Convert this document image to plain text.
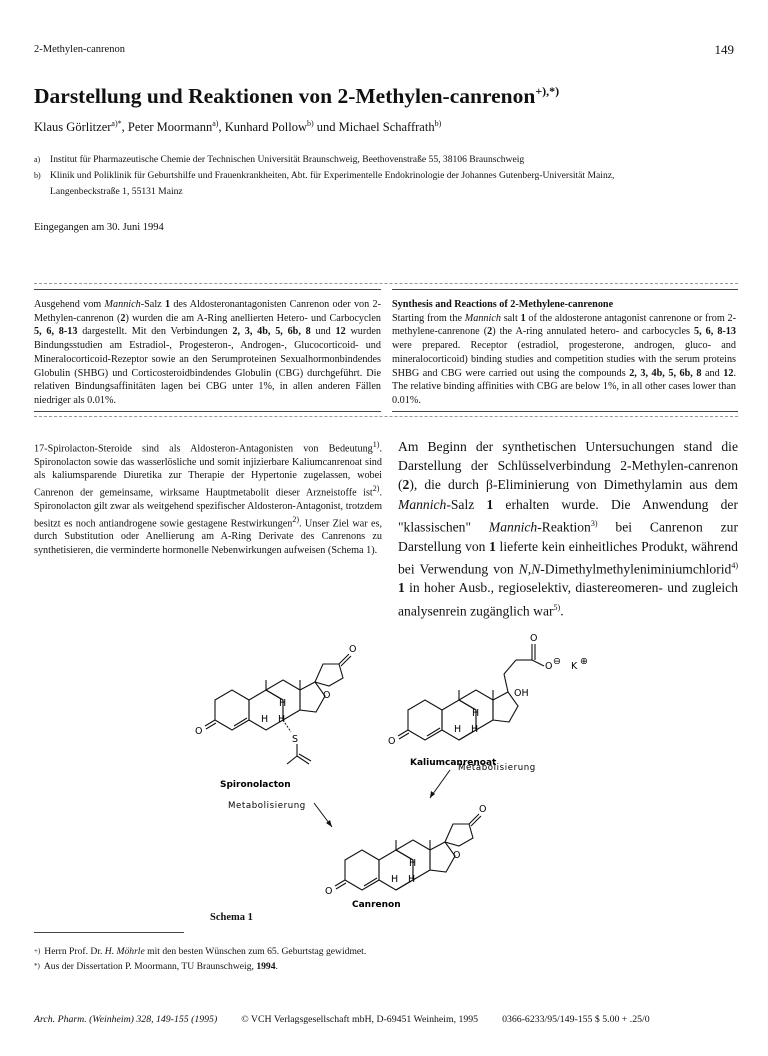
2-Methylen-canrenon	149
Darstellung und Reaktionen von 2-Methylen-canrenon+),*)
Klaus Görlitzer$^{a)*}$, Peter Moormann$^{a)}$, Kunhard Pollow$^{b)}$ und Michael Schaffrath$^{b)}$
a) Institut für Pharmazeutische Chemie der Technischen Universität Braunschweig, Beethovenstraße 55, 38106 Braunschweig
b) Klinik und Poliklinik für Geburtshilfe und Frauenkrankheiten, Abt. für Experimentelle Endokrinologie der Johannes Gutenberg-Universität Mainz,
Langenbeckstraße 1, 55131 Mainz
Eingegangen am 30. Juni 1994
Ausgehend vom Mannich-Salz 1 des Aldosteronantagonisten Canrenon oder von 2-Methylen-canrenon (2) wurden die am A-Ring anellierten Hetero- und Carbocyclen 5, 6, 8-13 dargestellt. Mit den Verbindungen 2, 3, 4b, 5, 6b, 8 und 12 wurden Bindungsstudien am Estradiol-, Progesteron-, Androgen-, Glucocorticoid- und Mineralocorticoid-Rezeptor sowie an den Serumproteinen Sexualhormonbindendes Globulin (SHBG) und Corticosteroidbindendes Globulin (CBG) durchgeführt. Die relativen Bindungsaffinitäten lagen bei CBG unter 1%, in allen anderen Fällen niedriger als 0.01%.
Synthesis and Reactions of 2-Methylene-canrenone
Starting from the Mannich salt 1 of the aldosterone antagonist canrenone or from 2-methylene-canrenone (2) the A-ring annulated hetero- and carbocycles 5, 6, 8-13 were prepared. Receptor (estradiol, progesterone, androgen, gluco- and mineralocorticoid) binding studies and competition studies with the serum proteins SHBG and CBG were carried out using the compounds 2, 3, 4b, 5, 6b, 8 and 12. The relative binding affinities with CBG are below 1%, in all other cases lower than 0.01%.
17-Spirolacton-Steroide sind als Aldosteron-Antagonisten von Bedeutung$^{1)}$. Spironolacton sowie das wasserlösliche und somit injizierbare Kaliumcanrenoat sind als kaliumsparende Diuretika zur Therapie der Hypertonie zugelassen, wobei Canrenon der gemeinsame, wirksame Hauptmetabolit dieser Arzneistoffe ist$^{2)}$. Spironolacton gilt zwar als weitgehend spezifischer Aldosteron-Antagonist, trotzdem besitzt es noch antiandrogene sowie gestagene Restwirkungen$^{2)}$. Unser Ziel war es, durch Substitution oder Anellierung am A-Ring Derivate des Canrenons zu synthetisieren, die verminderte hormonelle Nebenwirkungen aufweisen (Schema 1).
Am Beginn der synthetischen Untersuchungen stand die Darstellung der Schlüsselverbindung 2-Methylen-canrenon (2), die durch β-Eliminierung von Dimethylamin aus dem Mannich-Salz 1 erhalten wurde. Die Anwendung der "klassischen" Mannich-Reaktion$^{3)}$ bei Canrenon zur Darstellung von 1 lieferte kein einheitliches Produkt, während bei Verwendung von N,N-Dimethylmethyleniminiumchlorid$^{4)}$ 1 in hoher Ausb., regioselektiv, diastereomeren- und zugleich analysenrein zugänglich war$^{5)}$.
O
O
O
H
H H
S
Spironolacton
O
O ⊖ K ⊕
OH
O
H
H H
Kaliumcanrenoat
Metabolisierung
Metabolisierung
O
O
O
H
H H
Canrenon
Schema 1
+) Herrn Prof. Dr. H. Möhrle mit den besten Wünschen zum 65. Geburtstag gewidmet.
*) Aus der Dissertation P. Moormann, TU Braunschweig, 1994.
Arch. Pharm. (Weinheim) 328, 149-155 (1995) © VCH Verlagsgesellschaft mbH, D-69451 Weinheim, 1995 0366-6233/95/149-155 $ 5.00 + .25/0
